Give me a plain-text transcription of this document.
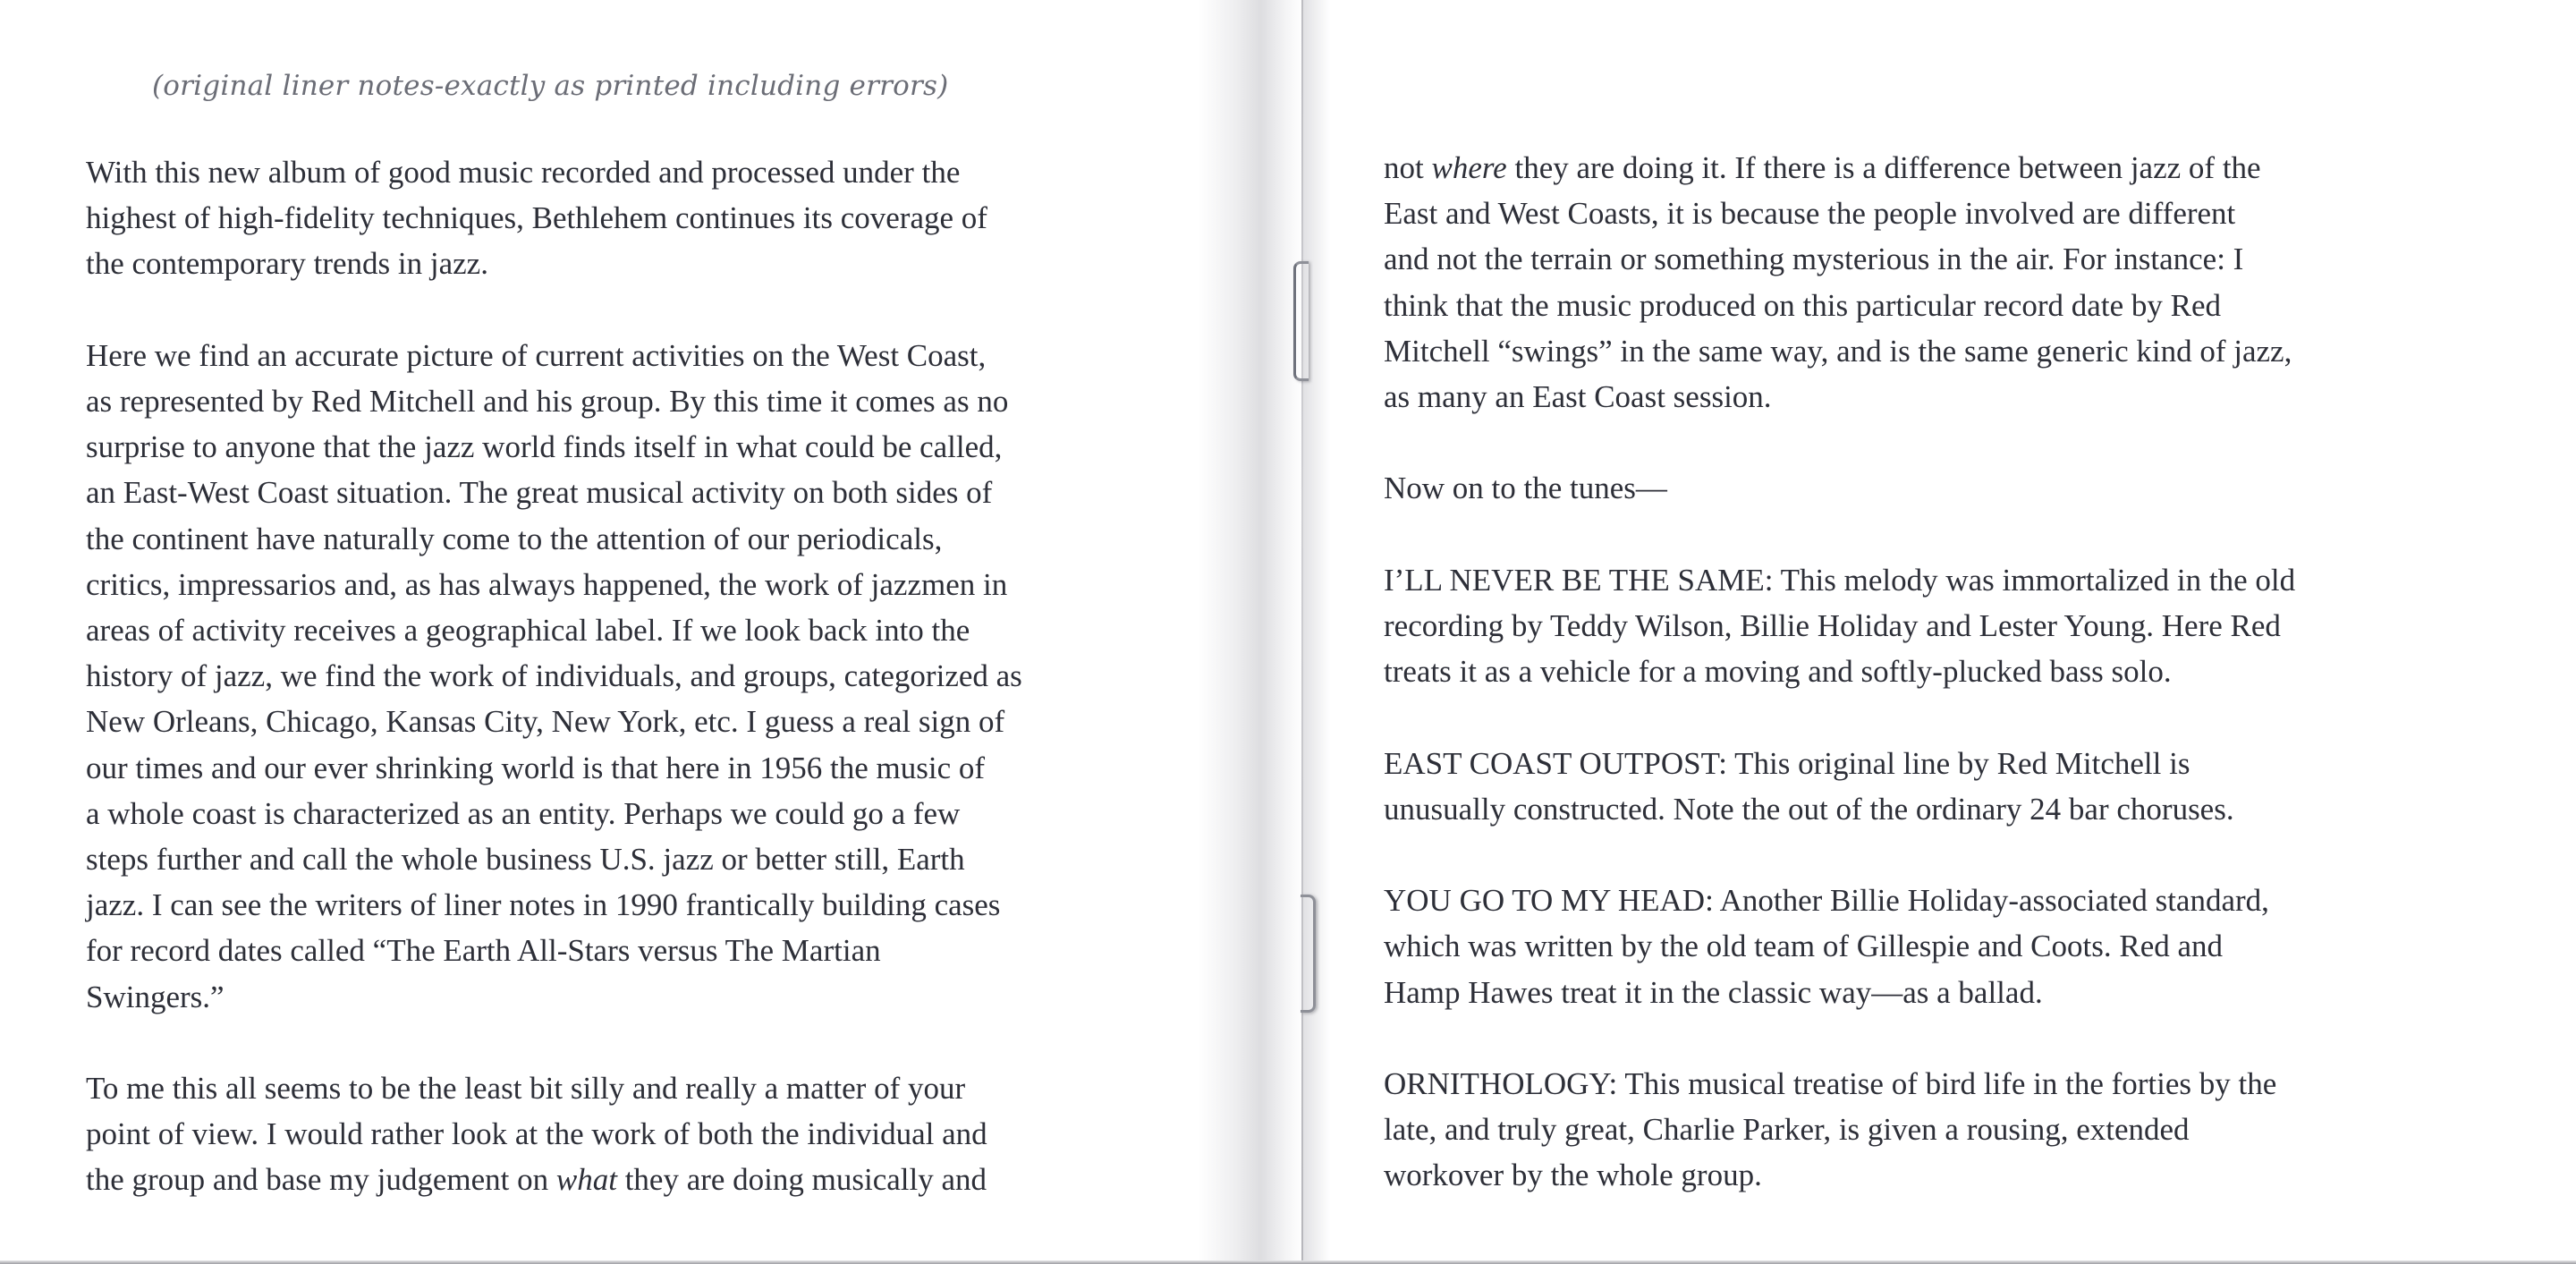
(original liner notes-exactly as printed including errors)
With this new album of good music recorded and processed under the
highest of high-fidelity techniques, Bethlehem continues its coverage of
the contemporary trends in jazz.
Here we find an accurate picture of current activities on the West Coast,
as represented by Red Mitchell and his group. By this time it comes as no
surprise to anyone that the jazz world finds itself in what could be called,
an East-West Coast situation. The great musical activity on both sides of
the continent have naturally come to the attention of our periodicals,
critics, impressarios and, as has always happened, the work of jazzmen in
areas of activity receives a geographical label. If we look back into the
history of jazz, we find the work of individuals, and groups, categorized as
New Orleans, Chicago, Kansas City, New York, etc. I guess a real sign of
our times and our ever shrinking world is that here in 1956 the music of
a whole coast is characterized as an entity. Perhaps we could go a few
steps further and call the whole business U.S. jazz or better still, Earth
jazz. I can see the writers of liner notes in 1990 frantically building cases
for record dates called “The Earth All-Stars versus The Martian
Swingers.”
To me this all seems to be the least bit silly and really a matter of your
point of view. I would rather look at the work of both the individual and
the group and base my judgement on what they are doing musically and
not where they are doing it. If there is a difference between jazz of the
East and West Coasts, it is because the people involved are different
and not the terrain or something mysterious in the air. For instance: I
think that the music produced on this particular record date by Red
Mitchell “swings” in the same way, and is the same generic kind of jazz,
as many an East Coast session.
Now on to the tunes—
I’LL NEVER BE THE SAME: This melody was immortalized in the old
recording by Teddy Wilson, Billie Holiday and Lester Young. Here Red
treats it as a vehicle for a moving and softly-plucked bass solo.
EAST COAST OUTPOST: This original line by Red Mitchell is
unusually constructed. Note the out of the ordinary 24 bar choruses.
YOU GO TO MY HEAD: Another Billie Holiday-associated standard,
which was written by the old team of Gillespie and Coots. Red and
Hamp Hawes treat it in the classic way—as a ballad.
ORNITHOLOGY: This musical treatise of bird life in the forties by the
late, and truly great, Charlie Parker, is given a rousing, extended
workover by the whole group.
